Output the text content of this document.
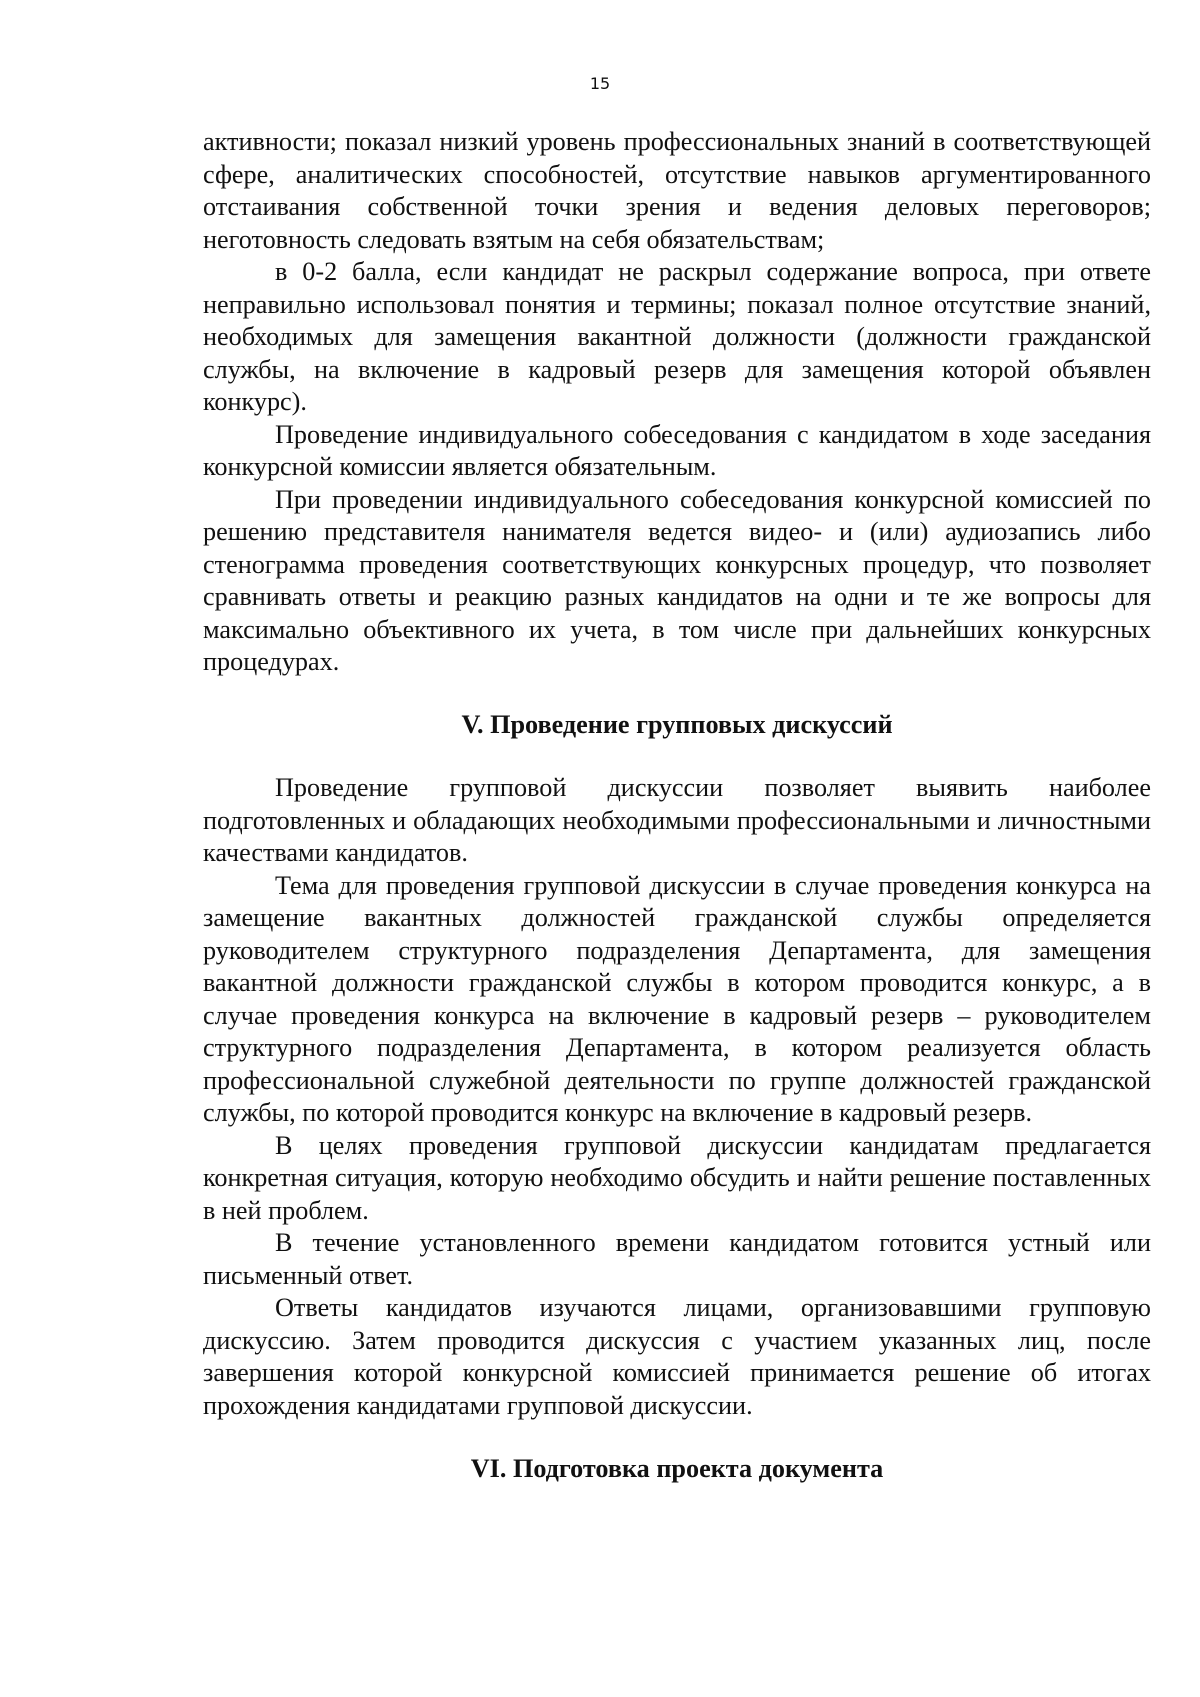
15

активности; показал низкий уровень профессиональных знаний в соответствующей сфере, аналитических способностей, отсутствие навыков аргументированного отстаивания собственной точки зрения и ведения деловых переговоров; неготовность следовать взятым на себя обязательствам;

в 0-2 балла, если кандидат не раскрыл содержание вопроса, при ответе неправильно использовал понятия и термины; показал полное отсутствие знаний, необходимых для замещения вакантной должности (должности гражданской службы, на включение в кадровый резерв для замещения которой объявлен конкурс).

Проведение индивидуального собеседования с кандидатом в ходе заседания конкурсной комиссии является обязательным.

При проведении индивидуального собеседования конкурсной комиссией по решению представителя нанимателя ведется видео- и (или) аудиозапись либо стенограмма проведения соответствующих конкурсных процедур, что позволяет сравнивать ответы и реакцию разных кандидатов на одни и те же вопросы для максимально объективного их учета, в том числе при дальнейших конкурсных процедурах.

V. Проведение групповых дискуссий

Проведение групповой дискуссии позволяет выявить наиболее подготовленных и обладающих необходимыми профессиональными и личностными качествами кандидатов.

Тема для проведения групповой дискуссии в случае проведения конкурса на замещение вакантных должностей гражданской службы определяется руководителем структурного подразделения Департамента, для замещения вакантной должности гражданской службы в котором проводится конкурс, а в случае проведения конкурса на включение в кадровый резерв – руководителем структурного подразделения Департамента, в котором реализуется область профессиональной служебной деятельности по группе должностей гражданской службы, по которой проводится конкурс на включение в кадровый резерв.

В целях проведения групповой дискуссии кандидатам предлагается конкретная ситуация, которую необходимо обсудить и найти решение поставленных в ней проблем.

В течение установленного времени кандидатом готовится устный или письменный ответ.

Ответы кандидатов изучаются лицами, организовавшими групповую дискуссию. Затем проводится дискуссия с участием указанных лиц, после завершения которой конкурсной комиссией принимается решение об итогах прохождения кандидатами групповой дискуссии.

VI. Подготовка проекта документа
